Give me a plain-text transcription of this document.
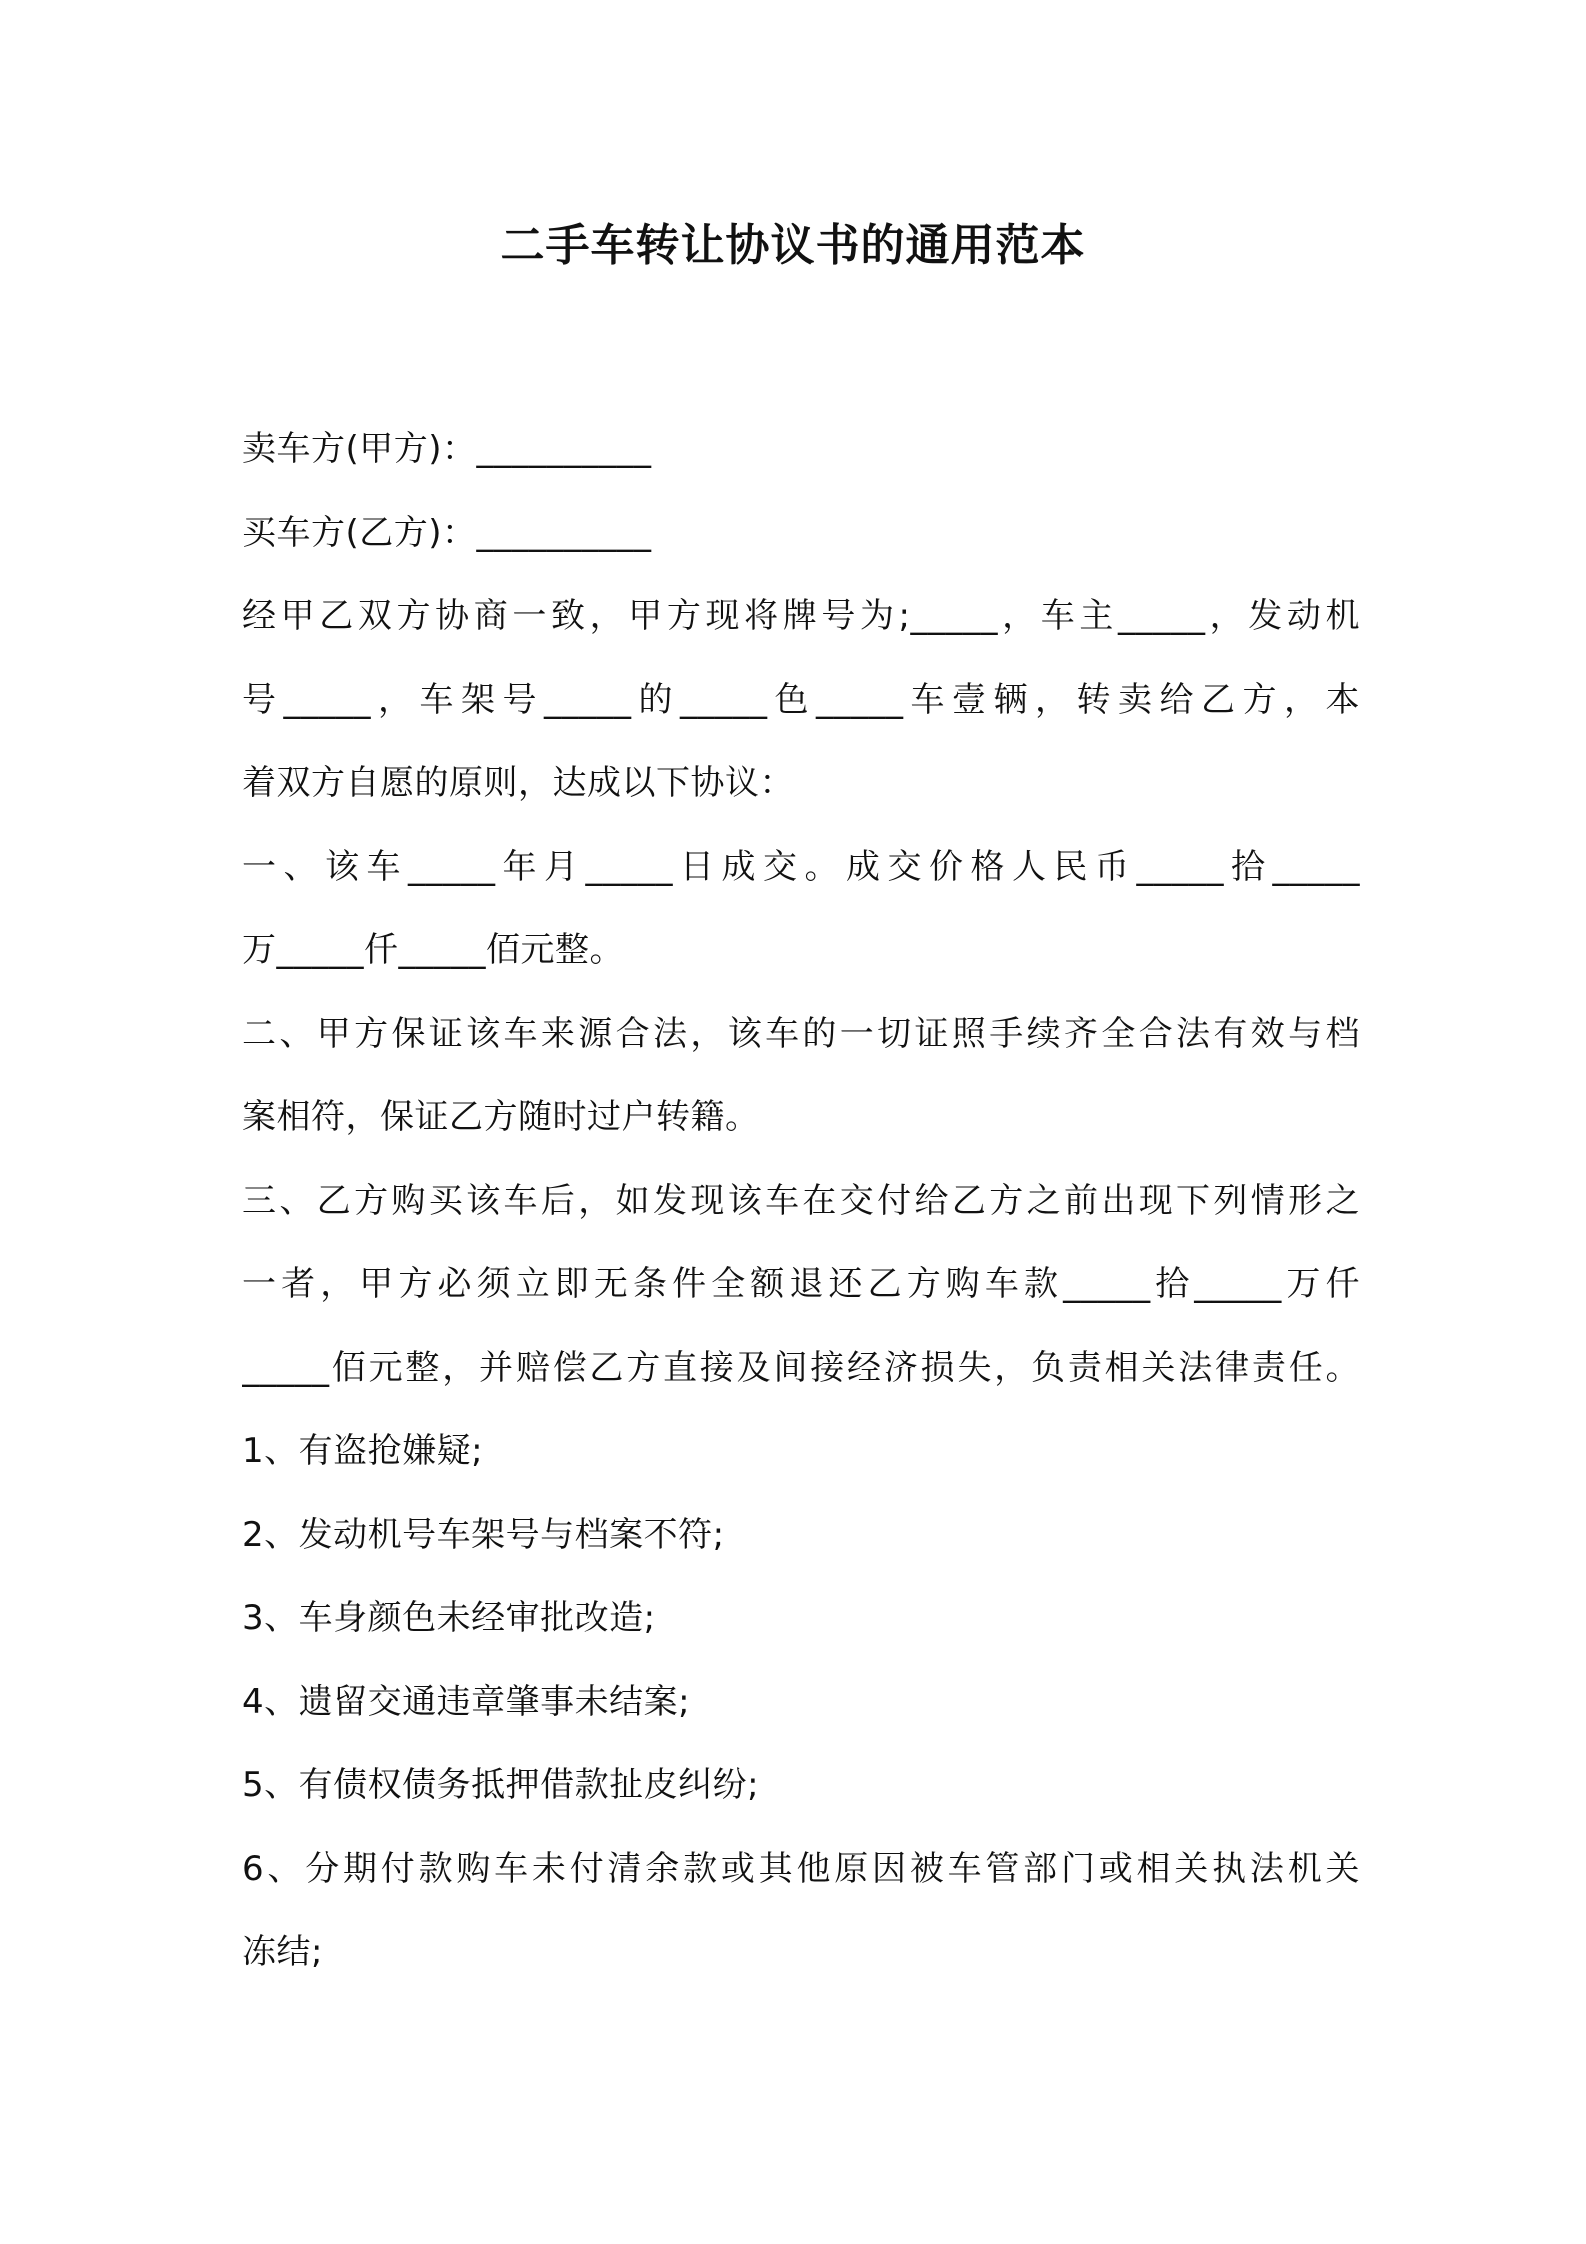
二手车转让协议书的通用范本
卖车方(甲方)：__________
买车方(乙方)：__________
经甲乙双方协商一致，甲方现将牌号为;_____，车主_____，发动机
号_____，车架号_____的_____色_____车壹辆，转卖给乙方，本
着双方自愿的原则，达成以下协议：
一、该车_____年月_____日成交。成交价格人民币_____拾_____
万_____仟_____佰元整。
二、甲方保证该车来源合法，该车的一切证照手续齐全合法有效与档
案相符，保证乙方随时过户转籍。
三、乙方购买该车后，如发现该车在交付给乙方之前出现下列情形之
一者，甲方必须立即无条件全额退还乙方购车款_____拾_____万仟
_____佰元整，并赔偿乙方直接及间接经济损失，负责相关法律责任。
1、有盗抢嫌疑;
2、发动机号车架号与档案不符;
3、车身颜色未经审批改造;
4、遗留交通违章肇事未结案;
5、有债权债务抵押借款扯皮纠纷;
6、分期付款购车未付清余款或其他原因被车管部门或相关执法机关
冻结;
